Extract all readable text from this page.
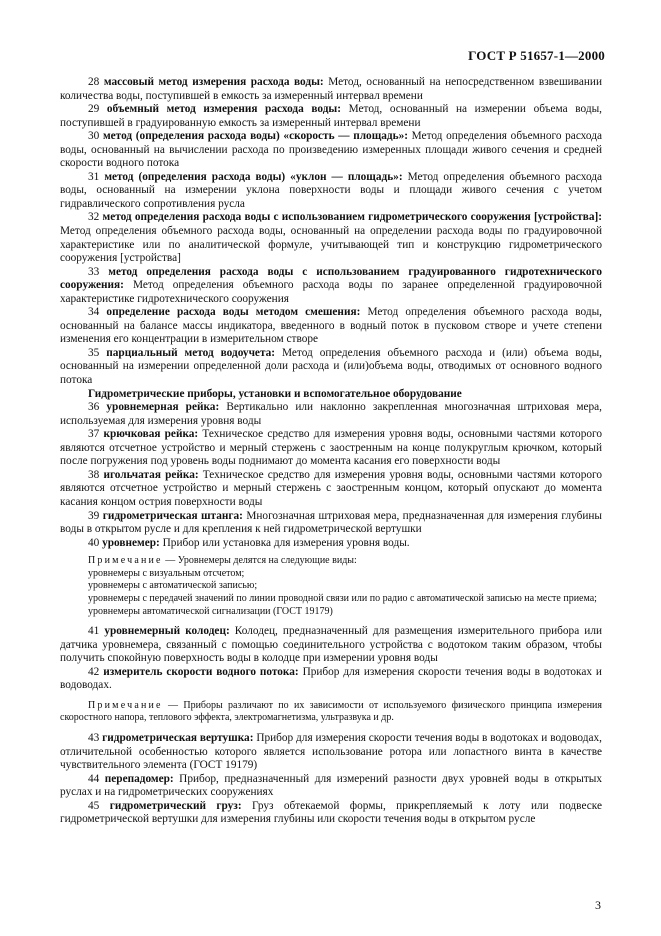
ГОСТ Р 51657-1—2000

28 массовый метод измерения расхода воды: Метод, основанный на непосредственном взвешивании количества воды, поступившей в емкость за измеренный интервал времени

29 объемный метод измерения расхода воды: Метод, основанный на измерении объема воды, поступившей в градуированную емкость за измеренный интервал времени

30 метод (определения расхода воды) «скорость — площадь»: Метод определения объемного расхода воды, основанный на вычислении расхода по произведению измеренных площади живого сечения и средней скорости водного потока

31 метод (определения расхода воды) «уклон — площадь»: Метод определения объемного расхода воды, основанный на измерении уклона поверхности воды и площади живого сечения с учетом гидравлического сопротивления русла

32 метод определения расхода воды с использованием гидрометрического сооружения [устройства]: Метод определения объемного расхода воды, основанный на определении расхода воды по градуировочной характеристике или по аналитической формуле, учитывающей тип и конструкцию гидрометрического сооружения [устройства]

33 метод определения расхода воды с использованием градуированного гидротехнического сооружения: Метод определения объемного расхода воды по заранее определенной градуировочной характеристике гидротехнического сооружения

34 определение расхода воды методом смешения: Метод определения объемного расхода воды, основанный на балансе массы индикатора, введенного в водный поток в пусковом створе и учете степени изменения его концентрации в измерительном створе

35 парциальный метод водоучета: Метод определения объемного расхода и (или) объема воды, основанный на измерении определенной доли расхода и (или)объема воды, отводимых от основного водного потока

Гидрометрические приборы, установки и вспомогательное оборудование

36 уровнемерная рейка: Вертикально или наклонно закрепленная многозначная штриховая мера, используемая для измерения уровня воды

37 крючковая рейка: Техническое средство для измерения уровня воды, основными частями которого являются отсчетное устройство и мерный стержень с заостренным на конце полукруглым крючком, который после погружения под уровень воды поднимают до момента касания его поверхности воды

38 игольчатая рейка: Техническое средство для измерения уровня воды, основными частями которого являются отсчетное устройство и мерный стержень с заостренным концом, который опускают до момента касания концом острия поверхности воды

39 гидрометрическая штанга: Многозначная штриховая мера, предназначенная для измерения глубины воды в открытом русле и для крепления к ней гидрометрической вертушки

40 уровнемер: Прибор или установка для измерения уровня воды.

Примечание — Уровнемеры делятся на следующие виды:

уровнемеры с визуальным отсчетом;

уровнемеры с автоматической записью;

уровнемеры с передачей значений по линии проводной связи или по радио с автоматической записью на месте приема;

уровнемеры автоматической сигнализации (ГОСТ 19179)

41 уровнемерный колодец: Колодец, предназначенный для размещения измерительного прибора или датчика уровнемера, связанный с помощью соединительного устройства с водотоком таким образом, чтобы получить спокойную поверхность воды в колодце при измерении уровня воды

42 измеритель скорости водного потока: Прибор для измерения скорости течения воды в водотоках и водоводах.

Примечание — Приборы различают по их зависимости от используемого физического принципа измерения скоростного напора, теплового эффекта, электромагнетизма, ультразвука и др.

43 гидрометрическая вертушка: Прибор для измерения скорости течения воды в водотоках и водоводах, отличительной особенностью которого является использование ротора или лопастного винта в качестве чувствительного элемента (ГОСТ 19179)

44 перепадомер: Прибор, предназначенный для измерений разности двух уровней воды в открытых руслах и на гидрометрических сооружениях

45 гидрометрический груз: Груз обтекаемой формы, прикрепляемый к лоту или подвеске гидрометрической вертушки для измерения глубины или скорости течения воды в открытом русле

3
